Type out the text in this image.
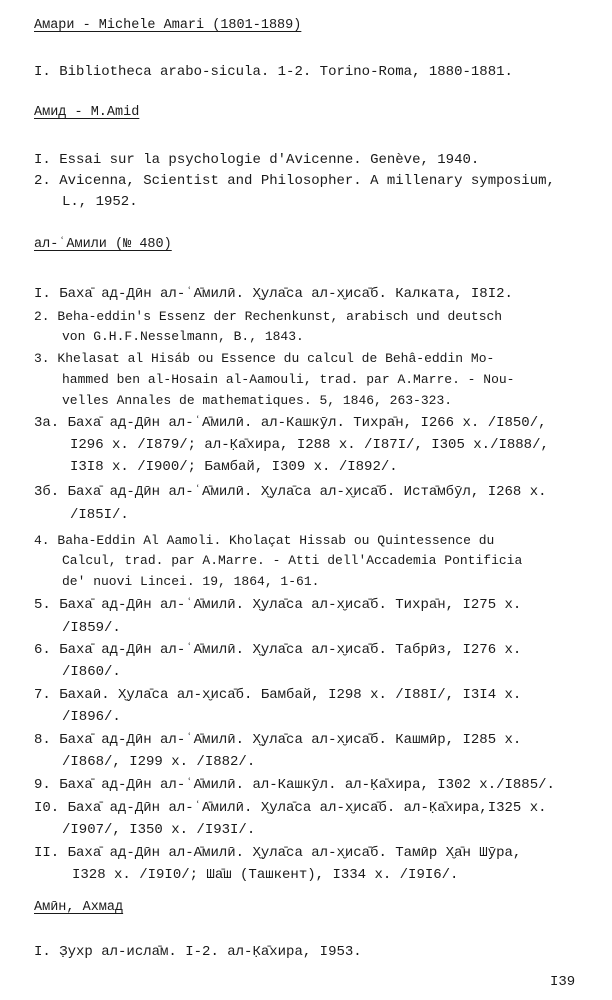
Амари - Michele Amari (1801-1889)
I. Bibliotheca arabo-sicula. 1-2. Torino-Roma, 1880-1881.
Амид - M.Amid
I. Essai sur la psychologie d'Avicenne. Genève, 1940.
2. Avicenna, Scientist and Philosopher. A millenary symposium,
L., 1952.
ал-ʿАмили (№ 480)
I. Баха̄ ад-Дӣн ал-ʿА̄милӣ. Х̮ула̄са ал-х̮иса̄б. Калката, I8I2.
2. Beha-eddin's Essenz der Rechenkunst, arabisch und deutsch
von G.H.F.Nesselmann, B., 1843.
3. Khelasat al Hisáb ou Essence du calcul de Behâ-eddin Mo-
hammed ben al-Hosain al-Aamouli, trad. par A.Marre. - Nou-
velles Annales de mathematiques. 5, 1846, 263-323.
3a. Баха̄ ад-Дӣн ал-ʿА̄милӣ. ал-Кашкӯл. Тихра̄н, I266 х. /I850/,
I296 х. /I879/; ал-К̣а̄хира, I288 х. /I87I/, I305 х./I888/,
I3I8 х. /I900/; Бамбай, I309 х. /I892/.
3б. Баха̄ ад-Дӣн ал-ʿА̄милӣ. Х̮ула̄са ал-х̮иса̄б. Иста̄мбӯл, I268 х.
/I85I/.
4. Baha-Eddin Al Aamoli. Kholaçat Hissab ou Quintessence du
Calcul, trad. par A.Marre. - Atti dell'Accademia Pontificia
de' nuovi Lincei. 19, 1864, 1-61.
5. Баха̄ ад-Дӣн ал-ʿА̄милӣ. Х̮ула̄са ал-х̮иса̄б. Тихра̄н, I275 х.
/I859/.
6. Баха̄ ад-Дӣн ал-ʿА̄милӣ. Х̮ула̄са ал-х̮иса̄б. Табрӣз, I276 х.
/I860/.
7. Бахаӣ. Х̮ула̄са ал-х̮иса̄б. Бамбай, I298 х. /I88I/, I3I4 х.
/I896/.
8. Баха̄ ад-Дӣн ал-ʿА̄милӣ. Х̮ула̄са ал-х̮иса̄б. Кашмӣр, I285 х.
/I868/, I299 х. /I882/.
9. Баха̄ ад-Дӣн ал-ʿА̄милӣ. ал-Кашкӯл. ал-К̣а̄хира, I302 х./I885/.
I0. Баха̄ ад-Дӣн ал-ʿА̄милӣ. Х̮ула̄са ал-х̮иса̄б. ал-К̣а̄хира,I325 х.
/I907/, I350 х. /I93I/.
II. Баха̄ ад-Дӣн ал-А̄милӣ. Х̮ула̄са ал-х̮иса̄б. Тамӣр Х̮а̄н Шӯра,
I328 х. /I9I0/; Ша̄ш (Ташкент), I334 х. /I9I6/.
Амӣн, Ахмад
I. З̣ухр ал-исла̄м. I-2. ал-К̣а̄хира, I953.
I39
